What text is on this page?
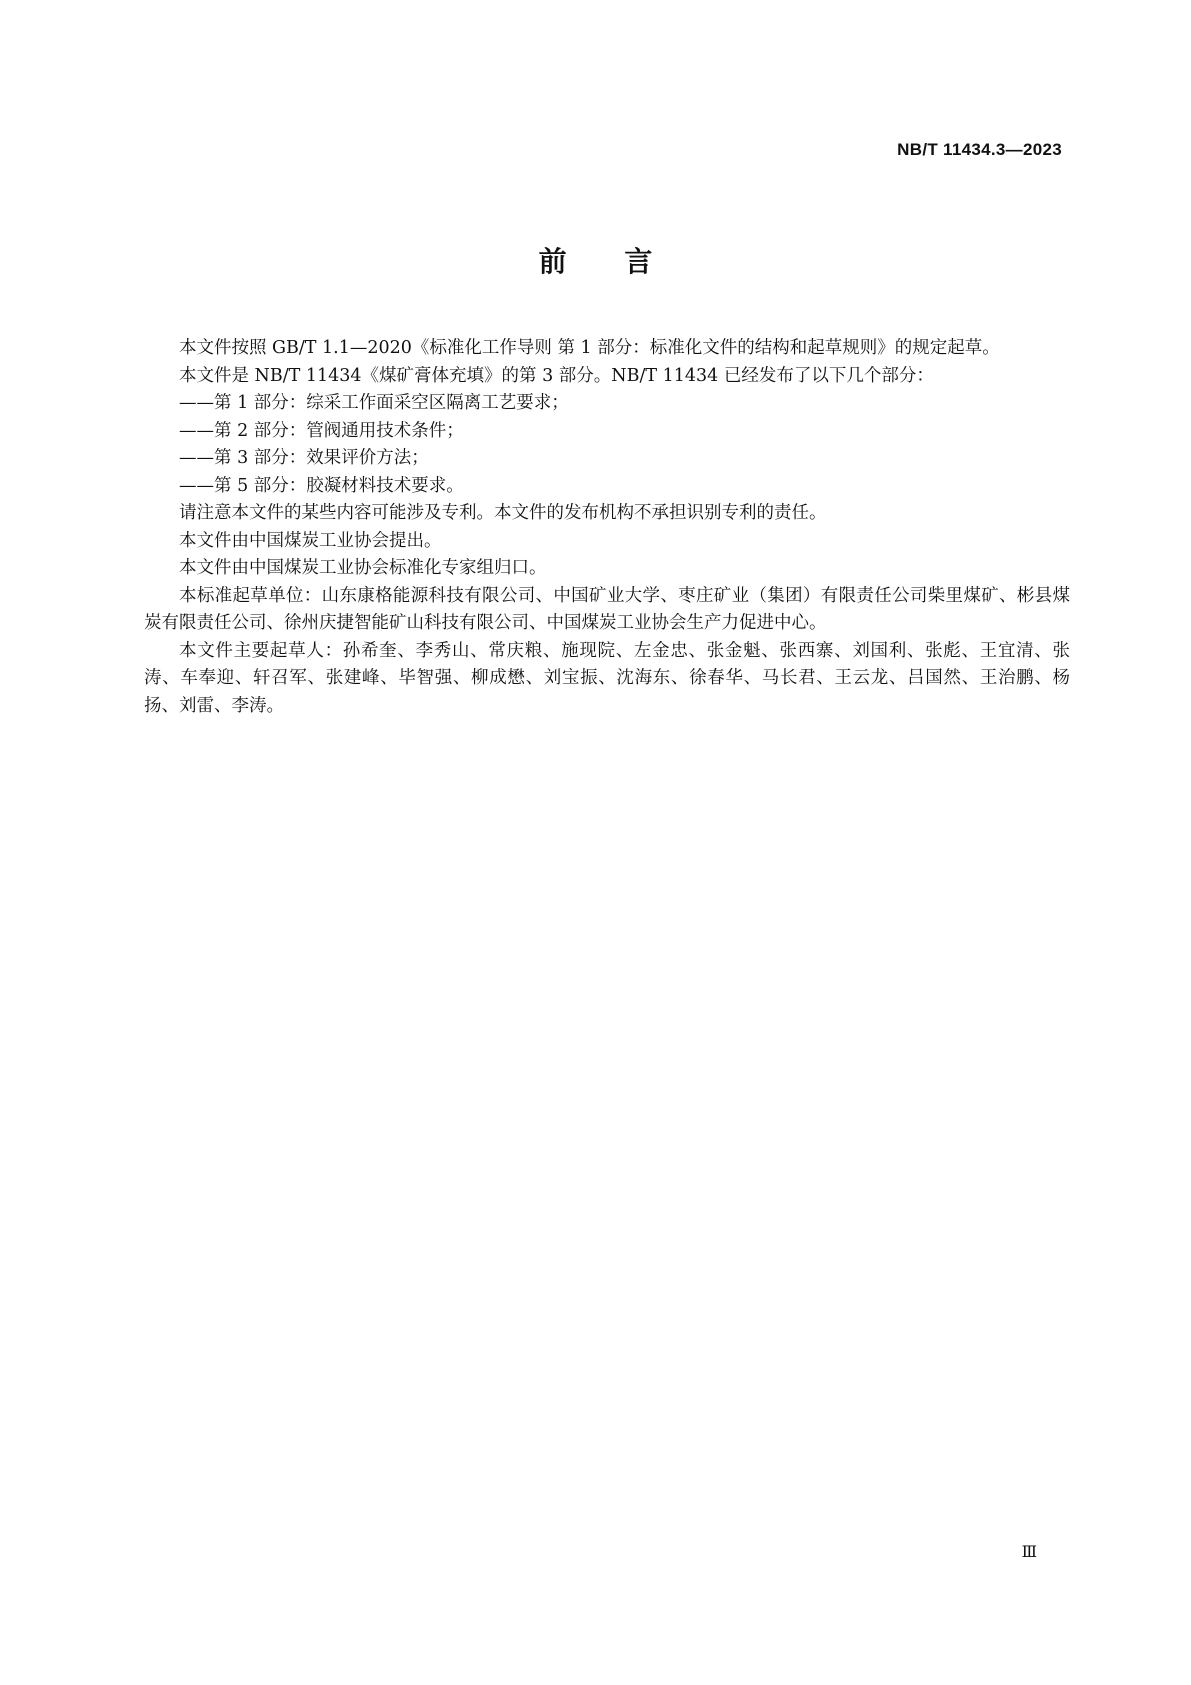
NB/T 11434.3—2023
前 言

本文件按照 GB/T 1.1—2020《标准化工作导则 第 1 部分：标准化文件的结构和起草规则》的规定起草。

本文件是 NB/T 11434《煤矿膏体充填》的第 3 部分。NB/T 11434 已经发布了以下几个部分：

——第 1 部分：综采工作面采空区隔离工艺要求；

——第 2 部分：管阀通用技术条件；

——第 3 部分：效果评价方法；

——第 5 部分：胶凝材料技术要求。

请注意本文件的某些内容可能涉及专利。本文件的发布机构不承担识别专利的责任。

本文件由中国煤炭工业协会提出。

本文件由中国煤炭工业协会标准化专家组归口。

本标准起草单位：山东康格能源科技有限公司、中国矿业大学、枣庄矿业（集团）有限责任公司柴里煤矿、彬县煤炭有限责任公司、徐州庆捷智能矿山科技有限公司、中国煤炭工业协会生产力促进中心。

本文件主要起草人：孙希奎、李秀山、常庆粮、施现院、左金忠、张金魁、张西寨、刘国利、张彪、王宜清、张涛、车奉迎、轩召军、张建峰、毕智强、柳成懋、刘宝振、沈海东、徐春华、马长君、王云龙、吕国然、王治鹏、杨扬、刘雷、李涛。

Ⅲ
